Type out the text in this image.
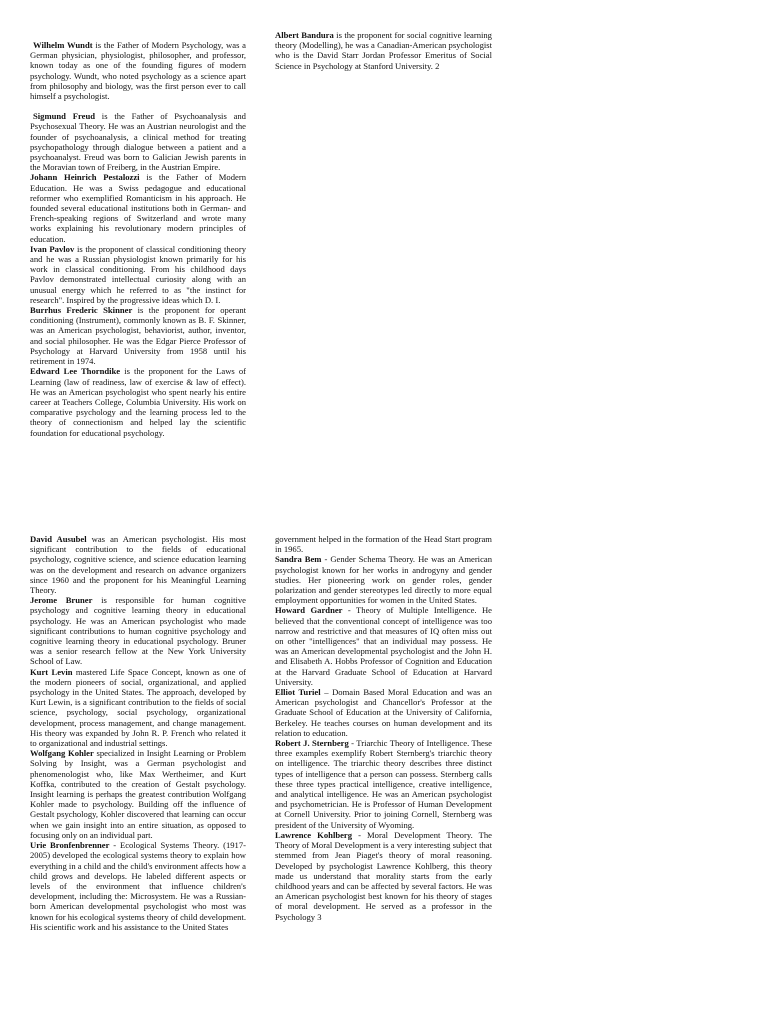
Wilhelm Wundt is the Father of Modern Psychology, was a German physician, physiologist, philosopher, and professor, known today as one of the founding figures of modern psychology. Wundt, who noted psychology as a science apart from philosophy and biology, was the first person ever to call himself a psychologist.

Sigmund Freud is the Father of Psychoanalysis and Psychosexual Theory. He was an Austrian neurologist and the founder of psychoanalysis, a clinical method for treating psychopathology through dialogue between a patient and a psychoanalyst. Freud was born to Galician Jewish parents in the Moravian town of Freiberg, in the Austrian Empire.

Johann Heinrich Pestalozzi is the Father of Modern Education. He was a Swiss pedagogue and educational reformer who exemplified Romanticism in his approach. He founded several educational institutions both in German- and French-speaking regions of Switzerland and wrote many works explaining his revolutionary modern principles of education.

Ivan Pavlov is the proponent of classical conditioning theory and he was a Russian physiologist known primarily for his work in classical conditioning. From his childhood days Pavlov demonstrated intellectual curiosity along with an unusual energy which he referred to as "the instinct for research". Inspired by the progressive ideas which D. I.

Burrhus Frederic Skinner is the proponent for operant conditioning (Instrument), commonly known as B. F. Skinner, was an American psychologist, behaviorist, author, inventor, and social philosopher. He was the Edgar Pierce Professor of Psychology at Harvard University from 1958 until his retirement in 1974.

Edward Lee Thorndike is the proponent for the Laws of Learning (law of readiness, law of exercise & law of effect). He was an American psychologist who spent nearly his entire career at Teachers College, Columbia University. His work on comparative psychology and the learning process led to the theory of connectionism and helped lay the scientific foundation for educational psychology.

Albert Bandura is the proponent for social cognitive learning theory (Modelling), he was a Canadian-American psychologist who is the David Starr Jordan Professor Emeritus of Social Science in Psychology at Stanford University. 2

David Ausubel was an American psychologist. His most significant contribution to the fields of educational psychology, cognitive science, and science education learning was on the development and research on advance organizers since 1960 and the proponent for his Meaningful Learning Theory.

Jerome Bruner is responsible for human cognitive psychology and cognitive learning theory in educational psychology. He was an American psychologist who made significant contributions to human cognitive psychology and cognitive learning theory in educational psychology. Bruner was a senior research fellow at the New York University School of Law.

Kurt Levin mastered Life Space Concept, known as one of the modern pioneers of social, organizational, and applied psychology in the United States. The approach, developed by Kurt Lewin, is a significant contribution to the fields of social science, psychology, social psychology, organizational development, process management, and change management. His theory was expanded by John R. P. French who related it to organizational and industrial settings.

Wolfgang Kohler specialized in Insight Learning or Problem Solving by Insight, was a German psychologist and phenomenologist who, like Max Wertheimer, and Kurt Koffka, contributed to the creation of Gestalt psychology. Insight learning is perhaps the greatest contribution Wolfgang Kohler made to psychology. Building off the influence of Gestalt psychology, Kohler discovered that learning can occur when we gain insight into an entire situation, as opposed to focusing only on an individual part.

Urie Bronfenbrenner - Ecological Systems Theory. (1917-2005) developed the ecological systems theory to explain how everything in a child and the child's environment affects how a child grows and develops. He labeled different aspects or levels of the environment that influence children's development, including the: Microsystem. He was a Russian-born American developmental psychologist who most was known for his ecological systems theory of child development. His scientific work and his assistance to the United States

government helped in the formation of the Head Start program in 1965.

Sandra Bem - Gender Schema Theory. He was an American psychologist known for her works in androgyny and gender studies. Her pioneering work on gender roles, gender polarization and gender stereotypes led directly to more equal employment opportunities for women in the United States.

Howard Gardner - Theory of Multiple Intelligence. He believed that the conventional concept of intelligence was too narrow and restrictive and that measures of IQ often miss out on other "intelligences" that an individual may possess. He was an American developmental psychologist and the John H. and Elisabeth A. Hobbs Professor of Cognition and Education at the Harvard Graduate School of Education at Harvard University.

Elliot Turiel – Domain Based Moral Education and was an American psychologist and Chancellor's Professor at the Graduate School of Education at the University of California, Berkeley. He teaches courses on human development and its relation to education.

Robert J. Sternberg - Triarchic Theory of Intelligence. These three examples exemplify Robert Sternberg's triarchic theory on intelligence. The triarchic theory describes three distinct types of intelligence that a person can possess. Sternberg calls these three types practical intelligence, creative intelligence, and analytical intelligence. He was an American psychologist and psychometrician. He is Professor of Human Development at Cornell University. Prior to joining Cornell, Sternberg was president of the University of Wyoming.

Lawrence Kohlberg - Moral Development Theory. The Theory of Moral Development is a very interesting subject that stemmed from Jean Piaget's theory of moral reasoning. Developed by psychologist Lawrence Kohlberg, this theory made us understand that morality starts from the early childhood years and can be affected by several factors. He was an American psychologist best known for his theory of stages of moral development. He served as a professor in the Psychology 3
